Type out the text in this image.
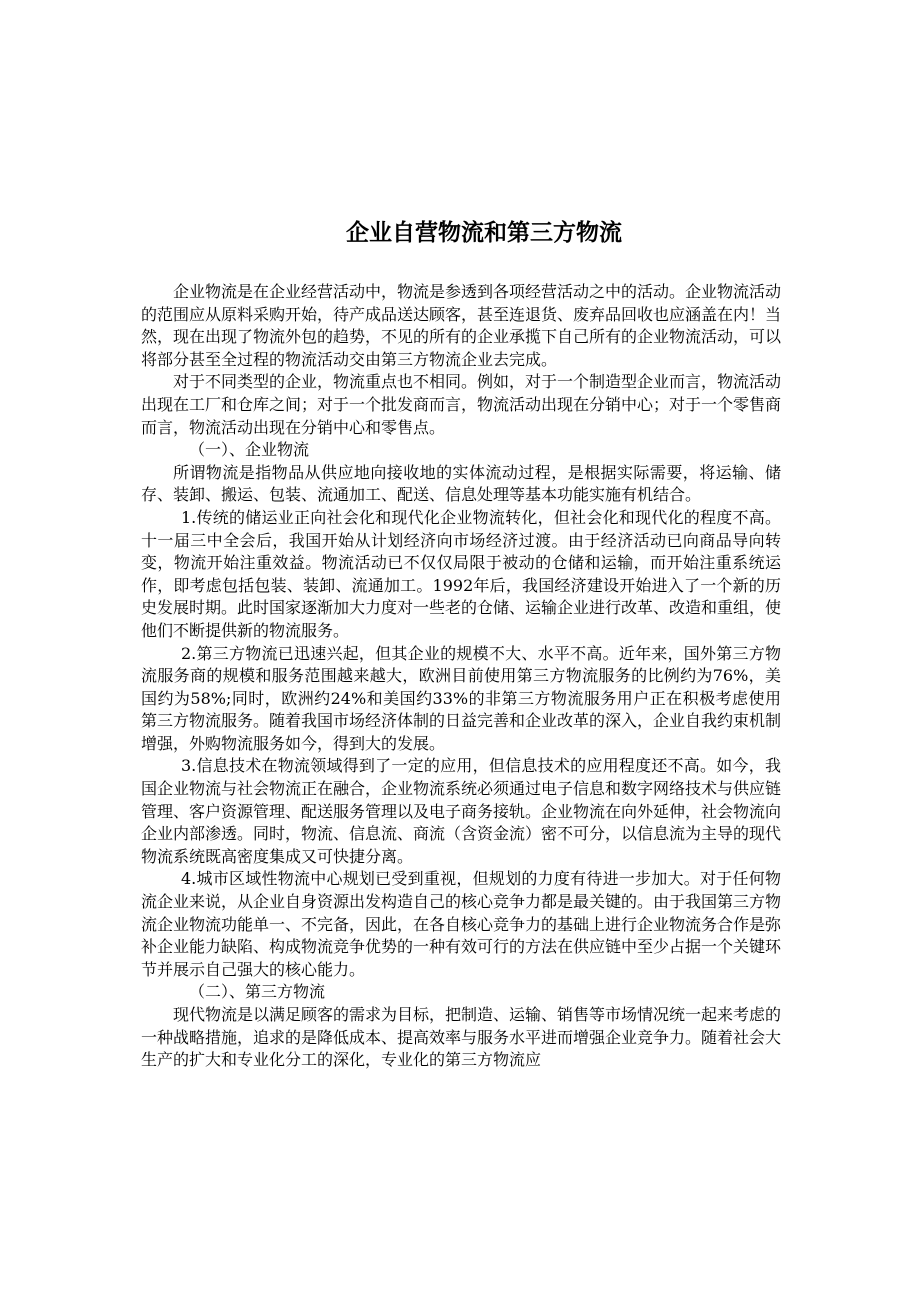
企业自营物流和第三方物流

企业物流是在企业经营活动中，物流是参透到各项经营活动之中的活动。企业物流活动的范围应从原料采购开始，待产成品送达顾客，甚至连退货、废弃品回收也应涵盖在内！当然，现在出现了物流外包的趋势，不见的所有的企业承揽下自己所有的企业物流活动，可以将部分甚至全过程的物流活动交由第三方物流企业去完成。

对于不同类型的企业，物流重点也不相同。例如，对于一个制造型企业而言，物流活动出现在工厂和仓库之间；对于一个批发商而言，物流活动出现在分销中心；对于一个零售商而言，物流活动出现在分销中心和零售点。

（一）、企业物流

所谓物流是指物品从供应地向接收地的实体流动过程，是根据实际需要，将运输、储存、装卸、搬运、包装、流通加工、配送、信息处理等基本功能实施有机结合。

1.传统的储运业正向社会化和现代化企业物流转化，但社会化和现代化的程度不高。十一届三中全会后，我国开始从计划经济向市场经济过渡。由于经济活动已向商品导向转变，物流开始注重效益。物流活动已不仅仅局限于被动的仓储和运输，而开始注重系统运作，即考虑包括包装、装卸、流通加工。1992年后，我国经济建设开始进入了一个新的历史发展时期。此时国家逐渐加大力度对一些老的仓储、运输企业进行改革、改造和重组，使他们不断提供新的物流服务。

2.第三方物流已迅速兴起，但其企业的规模不大、水平不高。近年来，国外第三方物流服务商的规模和服务范围越来越大，欧洲目前使用第三方物流服务的比例约为76%，美国约为58%;同时，欧洲约24%和美国约33%的非第三方物流服务用户正在积极考虑使用第三方物流服务。随着我国市场经济体制的日益完善和企业改革的深入，企业自我约束机制增强，外购物流服务如今，得到大的发展。

3.信息技术在物流领域得到了一定的应用，但信息技术的应用程度还不高。如今，我国企业物流与社会物流正在融合，企业物流系统必须通过电子信息和数字网络技术与供应链管理、客户资源管理、配送服务管理以及电子商务接轨。企业物流在向外延伸，社会物流向企业内部渗透。同时，物流、信息流、商流（含资金流）密不可分，以信息流为主导的现代物流系统既高密度集成又可快捷分离。

4.城市区域性物流中心规划已受到重视，但规划的力度有待进一步加大。对于任何物流企业来说，从企业自身资源出发构造自己的核心竞争力都是最关键的。由于我国第三方物流企业物流功能单一、不完备，因此，在各自核心竞争力的基础上进行企业物流务合作是弥补企业能力缺陷、构成物流竞争优势的一种有效可行的方法在供应链中至少占据一个关键环节并展示自己强大的核心能力。

（二）、第三方物流

现代物流是以满足顾客的需求为目标，把制造、运输、销售等市场情况统一起来考虑的一种战略措施，追求的是降低成本、提高效率与服务水平进而增强企业竞争力。随着社会大生产的扩大和专业化分工的深化，专业化的第三方物流应
